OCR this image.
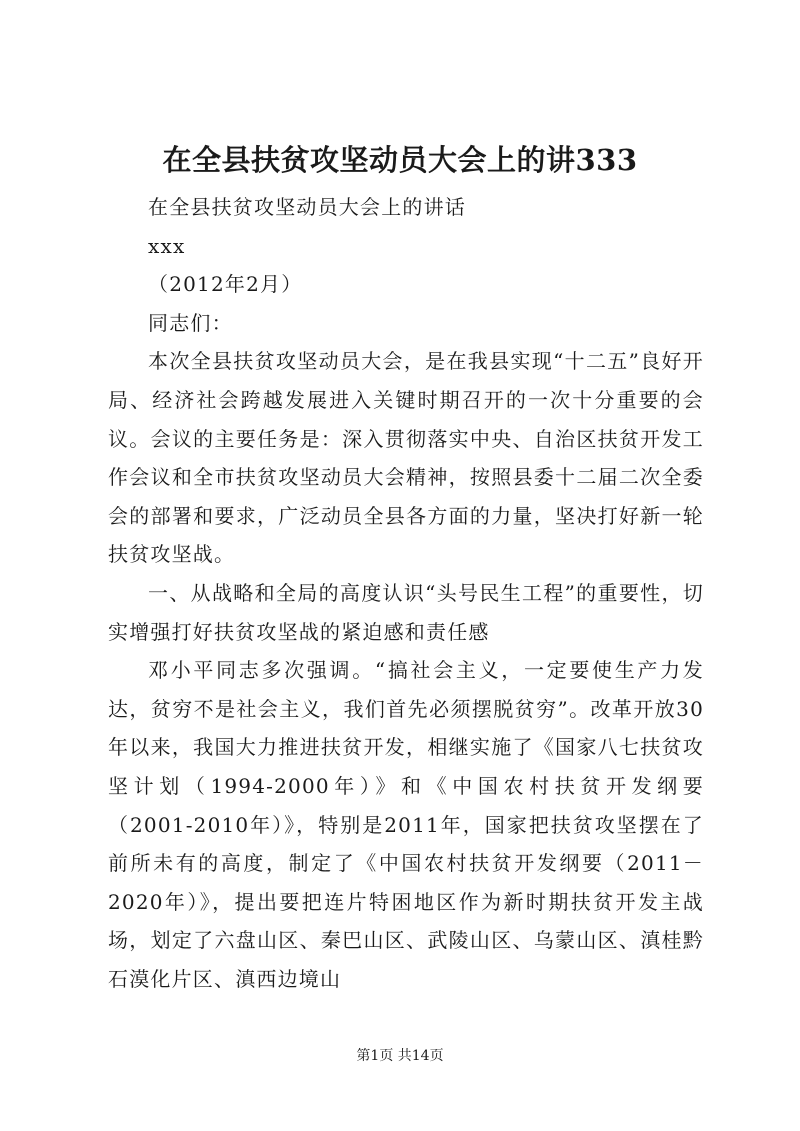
在全县扶贫攻坚动员大会上的讲333

在全县扶贫攻坚动员大会上的讲话

xxx

（2012年2月）

同志们：

本次全县扶贫攻坚动员大会，是在我县实现“十二五”良好开局、经济社会跨越发展进入关键时期召开的一次十分重要的会议。会议的主要任务是：深入贯彻落实中央、自治区扶贫开发工作会议和全市扶贫攻坚动员大会精神，按照县委十二届二次全委会的部署和要求，广泛动员全县各方面的力量，坚决打好新一轮扶贫攻坚战。

一、从战略和全局的高度认识“头号民生工程”的重要性，切实增强打好扶贫攻坚战的紧迫感和责任感

邓小平同志多次强调。“搞社会主义，一定要使生产力发达，贫穷不是社会主义，我们首先必须摆脱贫穷”。改革开放30年以来，我国大力推进扶贫开发，相继实施了《国家八七扶贫攻坚计划（1994-2000年）》和《中国农村扶贫开发纲要（2001-2010年）》，特别是2011年，国家把扶贫攻坚摆在了前所未有的高度，制定了《中国农村扶贫开发纲要（2011－2020年）》，提出要把连片特困地区作为新时期扶贫开发主战场，划定了六盘山区、秦巴山区、武陵山区、乌蒙山区、滇桂黔石漠化片区、滇西边境山

第1页 共14页
